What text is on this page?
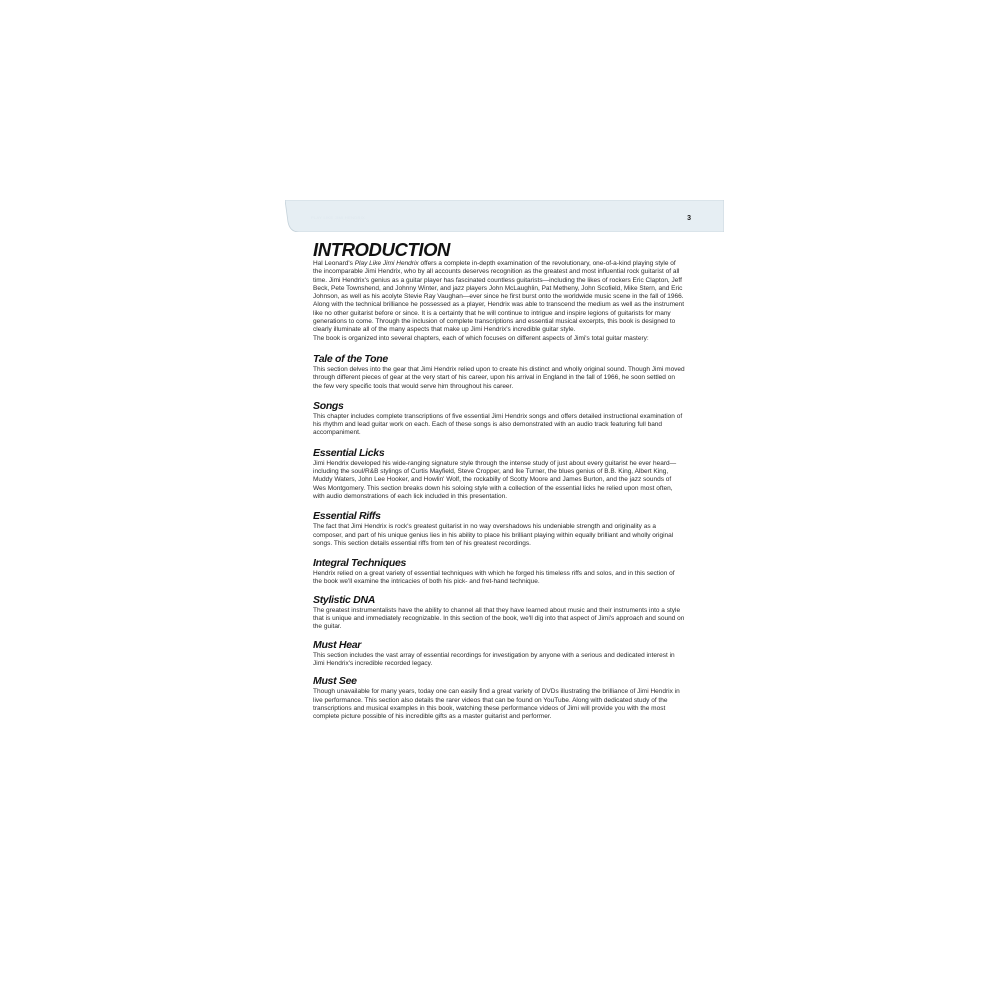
PLAY LIKE JIMI HENDRIX	3
INTRODUCTION

Hal Leonard's Play Like Jimi Hendrix offers a complete in-depth examination of the revolutionary, one-of-a-kind playing style of the incomparable Jimi Hendrix, who by all accounts deserves recognition as the greatest and most influential rock guitarist of all time. Jimi Hendrix's genius as a guitar player has fascinated countless guitarists—including the likes of rockers Eric Clapton, Jeff Beck, Pete Townshend, and Johnny Winter, and jazz players John McLaughlin, Pat Metheny, John Scofield, Mike Stern, and Eric Johnson, as well as his acolyte Stevie Ray Vaughan—ever since he first burst onto the worldwide music scene in the fall of 1966. Along with the technical brilliance he possessed as a player, Hendrix was able to transcend the medium as well as the instrument like no other guitarist before or since. It is a certainty that he will continue to intrigue and inspire legions of guitarists for many generations to come. Through the inclusion of complete transcriptions and essential musical excerpts, this book is designed to clearly illuminate all of the many aspects that make up Jimi Hendrix's incredible guitar style.

The book is organized into several chapters, each of which focuses on different aspects of Jimi's total guitar mastery:

Tale of the Tone

This section delves into the gear that Jimi Hendrix relied upon to create his distinct and wholly original sound. Though Jimi moved through different pieces of gear at the very start of his career, upon his arrival in England in the fall of 1966, he soon settled on the few very specific tools that would serve him throughout his career.

Songs

This chapter includes complete transcriptions of five essential Jimi Hendrix songs and offers detailed instructional examination of his rhythm and lead guitar work on each. Each of these songs is also demonstrated with an audio track featuring full band accompaniment.

Essential Licks

Jimi Hendrix developed his wide-ranging signature style through the intense study of just about every guitarist he ever heard—including the soul/R&B stylings of Curtis Mayfield, Steve Cropper, and Ike Turner, the blues genius of B.B. King, Albert King, Muddy Waters, John Lee Hooker, and Howlin' Wolf, the rockabilly of Scotty Moore and James Burton, and the jazz sounds of Wes Montgomery. This section breaks down his soloing style with a collection of the essential licks he relied upon most often, with audio demonstrations of each lick included in this presentation.

Essential Riffs

The fact that Jimi Hendrix is rock's greatest guitarist in no way overshadows his undeniable strength and originality as a composer, and part of his unique genius lies in his ability to place his brilliant playing within equally brilliant and wholly original songs. This section details essential riffs from ten of his greatest recordings.

Integral Techniques

Hendrix relied on a great variety of essential techniques with which he forged his timeless riffs and solos, and in this section of the book we'll examine the intricacies of both his pick- and fret-hand technique.

Stylistic DNA

The greatest instrumentalists have the ability to channel all that they have learned about music and their instruments into a style that is unique and immediately recognizable. In this section of the book, we'll dig into that aspect of Jimi's approach and sound on the guitar.

Must Hear

This section includes the vast array of essential recordings for investigation by anyone with a serious and dedicated interest in Jimi Hendrix's incredible recorded legacy.

Must See

Though unavailable for many years, today one can easily find a great variety of DVDs illustrating the brilliance of Jimi Hendrix in live performance. This section also details the rarer videos that can be found on YouTube. Along with dedicated study of the transcriptions and musical examples in this book, watching these performance videos of Jimi will provide you with the most complete picture possible of his incredible gifts as a master guitarist and performer.
